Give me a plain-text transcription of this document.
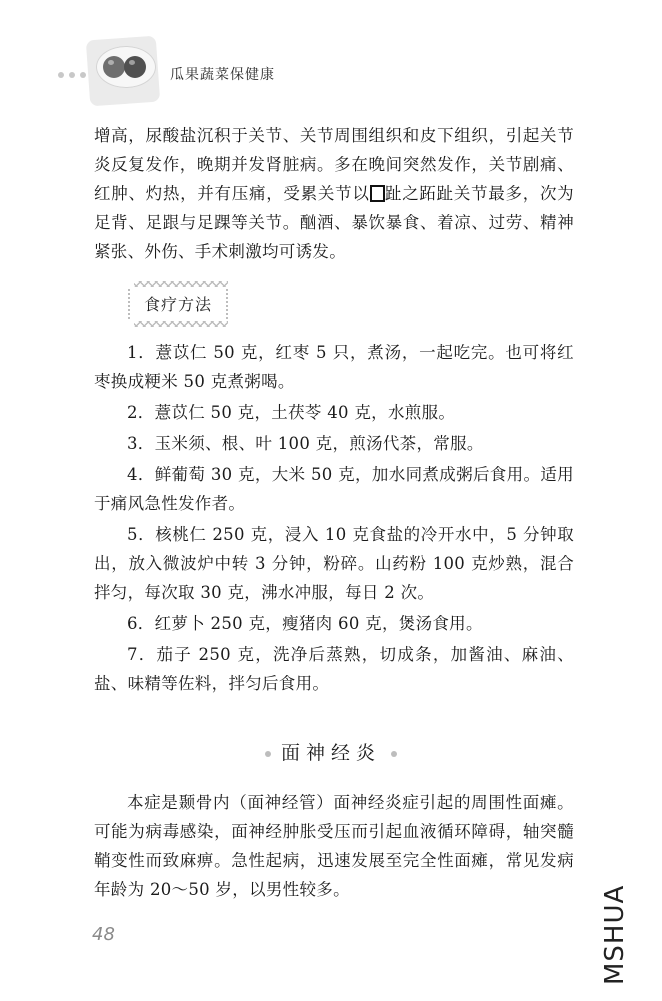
瓜果蔬菜保健康
增高，尿酸盐沉积于关节、关节周围组织和皮下组织，引起关节炎反复发作，晚期并发肾脏病。多在晚间突然发作，关节剧痛、红肿、灼热，并有压痛，受累关节以 趾之跖趾关节最多，次为足背、足跟与足踝等关节。酗酒、暴饮暴食、着凉、过劳、精神紧张、外伤、手术刺激均可诱发。
食疗方法

1．薏苡仁 50 克，红枣 5 只，煮汤，一起吃完。也可将红枣换成粳米 50 克煮粥喝。

2．薏苡仁 50 克，土茯苓 40 克，水煎服。

3．玉米须、根、叶 100 克，煎汤代茶，常服。

4．鲜葡萄 30 克，大米 50 克，加水同煮成粥后食用。适用于痛风急性发作者。

5．核桃仁 250 克，浸入 10 克食盐的冷开水中，5 分钟取出，放入微波炉中转 3 分钟，粉碎。山药粉 100 克炒熟，混合拌匀，每次取 30 克，沸水冲服，每日 2 次。

6．红萝卜 250 克，瘦猪肉 60 克，煲汤食用。

7．茄子 250 克，洗净后蒸熟，切成条，加酱油、麻油、盐、味精等佐料，拌匀后食用。

面神经炎
本症是颞骨内（面神经管）面神经炎症引起的周围性面瘫。可能为病毒感染，面神经肿胀受压而引起血液循环障碍，轴突髓鞘变性而致麻痹。急性起病，迅速发展至完全性面瘫，常见发病年龄为 20～50 岁，以男性较多。
48	MSHUA
